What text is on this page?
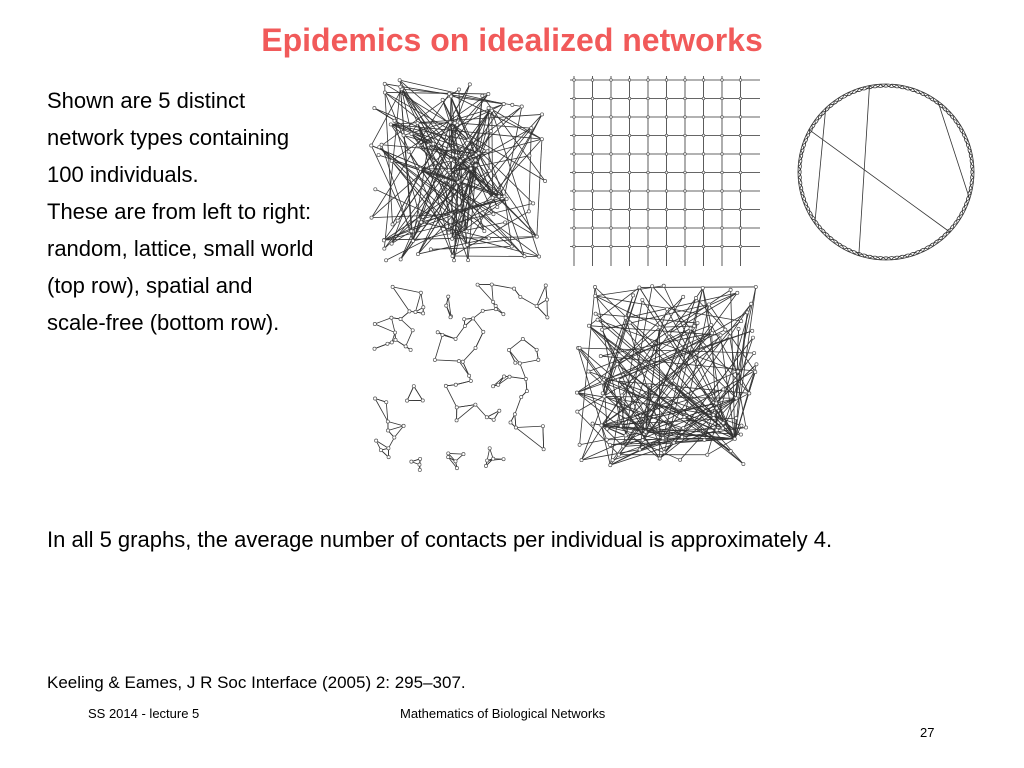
Epidemics on idealized networks
Shown are 5 distinct
network types containing
100 individuals.
These are from left to right:
random, lattice, small world
(top row), spatial and
scale-free (bottom row).
In all 5 graphs, the average number of contacts per individual is approximately 4.
Keeling & Eames, J R Soc Interface (2005) 2: 295–307.
SS 2014 - lecture 5	Mathematics of Biological Networks
27
